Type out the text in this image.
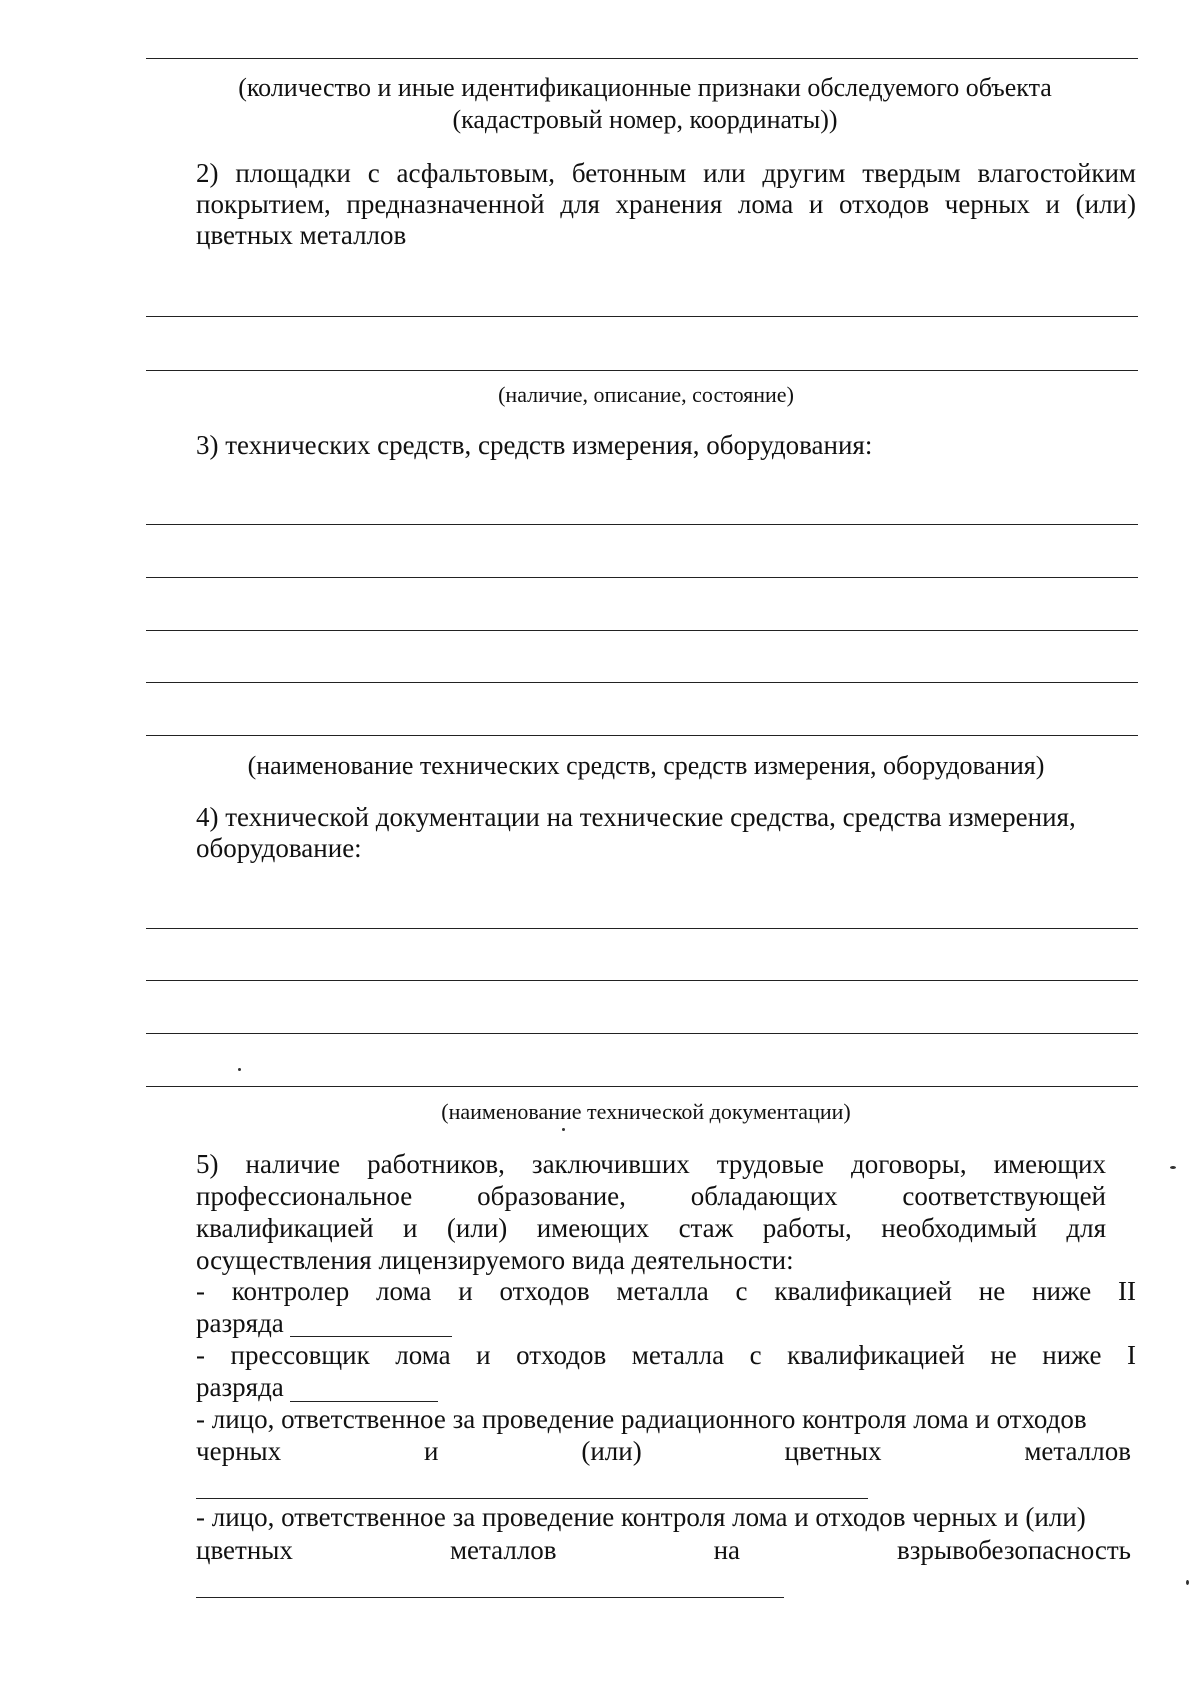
(количество и иные идентификационные признаки обследуемого объекта (кадастровый номер, координаты))
2) площадки с асфальтовым, бетонным или другим твердым влагостойким покрытием, предназначенной для хранения лома и отходов черных и (или) цветных металлов
(наличие, описание, состояние)
3) технических средств, средств измерения, оборудования:
(наименование технических средств, средств измерения, оборудования)
4) технической документации на технические средства, средства измерения, оборудование:
(наименование технической документации)
5) наличие работников, заключивших трудовые договоры, имеющих профессиональное образование, обладающих соответствующей квалификацией и (или) имеющих стаж работы, необходимый для осуществления лицензируемого вида деятельности:
- контролер лома и отходов металла с квалификацией не ниже II
разряда
- прессовщик лома и отходов металла с квалификацией не ниже I
разряда
- лицо, ответственное за проведение радиационного контроля лома и отходов
черных	и	(или)	цветных	металлов
- лицо, ответственное за проведение контроля лома и отходов черных и (или)
цветных	металлов	на	взрывобезопасность
